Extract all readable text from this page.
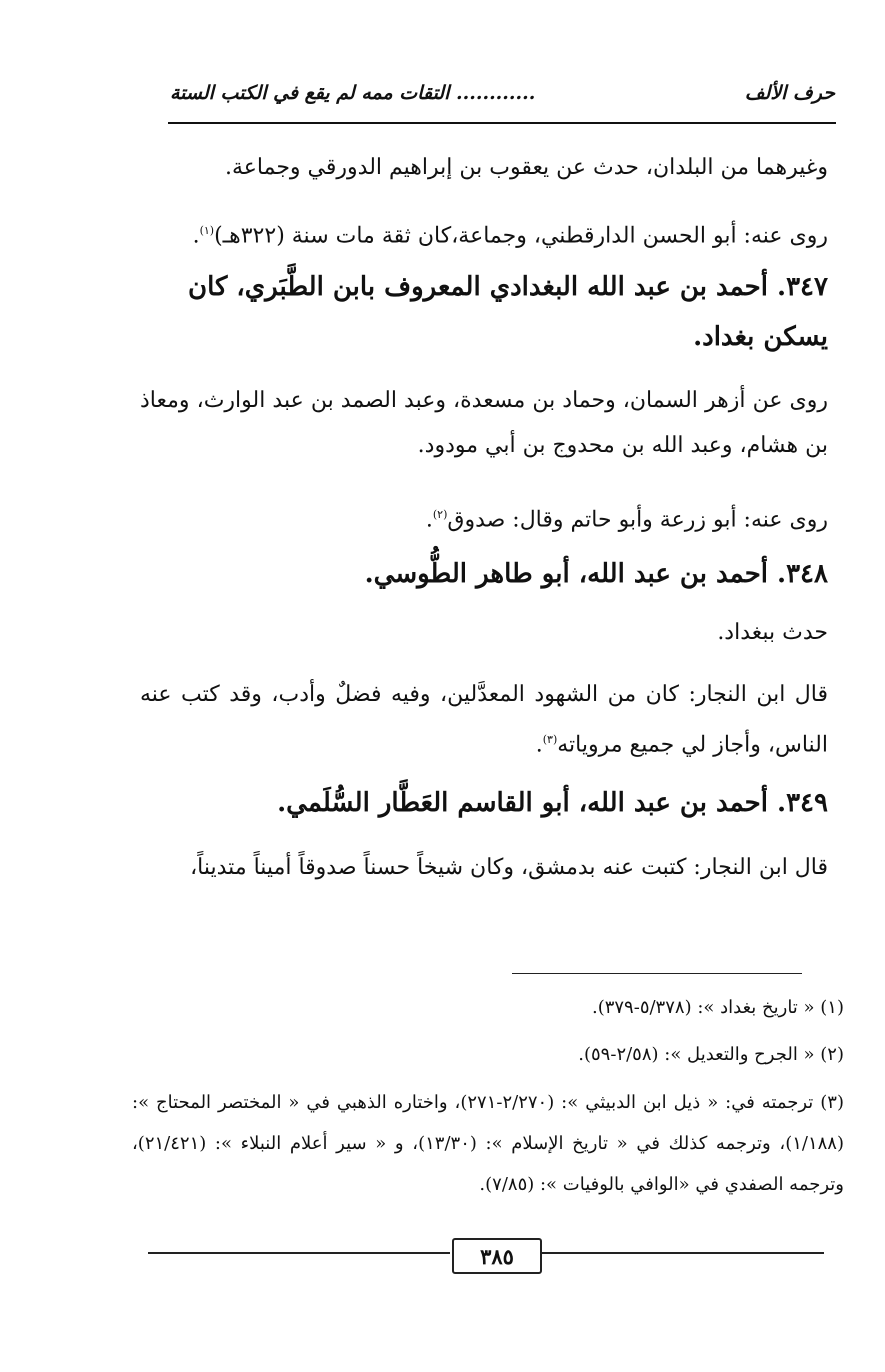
حرف الألف
............ التقات ممه لم يقع في الكتب الستة
وغيرهما من البلدان، حدث عن يعقوب بن إبراهيم الدورقي وجماعة.
روى عنه: أبو الحسن الدارقطني، وجماعة،كان ثقة مات سنة (٣٢٢هـ)$^{(١)}$.
٣٤٧. أحمد بن عبد الله البغدادي المعروف بابن الطَّبَري، كان يسكن بغداد.
روى عن أزهر السمان، وحماد بن مسعدة، وعبد الصمد بن عبد الوارث، ومعاذ بن هشام، وعبد الله بن محدوج بن أبي مودود.
روى عنه: أبو زرعة وأبو حاتم وقال: صدوق$^{(٢)}$.
٣٤٨. أحمد بن عبد الله، أبو طاهر الطُّوسي.
حدث ببغداد.
قال ابن النجار: كان من الشهود المعدَّلين، وفيه فضلٌ وأدب، وقد كتب عنه الناس، وأجاز لي جميع مروياته$^{(٣)}$.
٣٤٩. أحمد بن عبد الله، أبو القاسم العَطَّار السُّلَمي.
قال ابن النجار: كتبت عنه بدمشق، وكان شيخاً حسناً صدوقاً أميناً متديناً،
(١) « تاريخ بغداد »: (٥/٣٧٨-٣٧٩).
(٢) « الجرح والتعديل »: (٢/٥٨-٥٩).
(٣) ترجمته في: « ذيل ابن الدبيثي »: (٢/٢٧٠-٢٧١)، واختاره الذهبي في « المختصر المحتاج »: (١/١٨٨)، وترجمه كذلك في « تاريخ الإسلام »: (١٣/٣٠)، و « سير أعلام النبلاء »: (٢١/٤٢١)، وترجمه الصفدي في «الوافي بالوفيات »: (٧/٨٥).
٣٨٥
